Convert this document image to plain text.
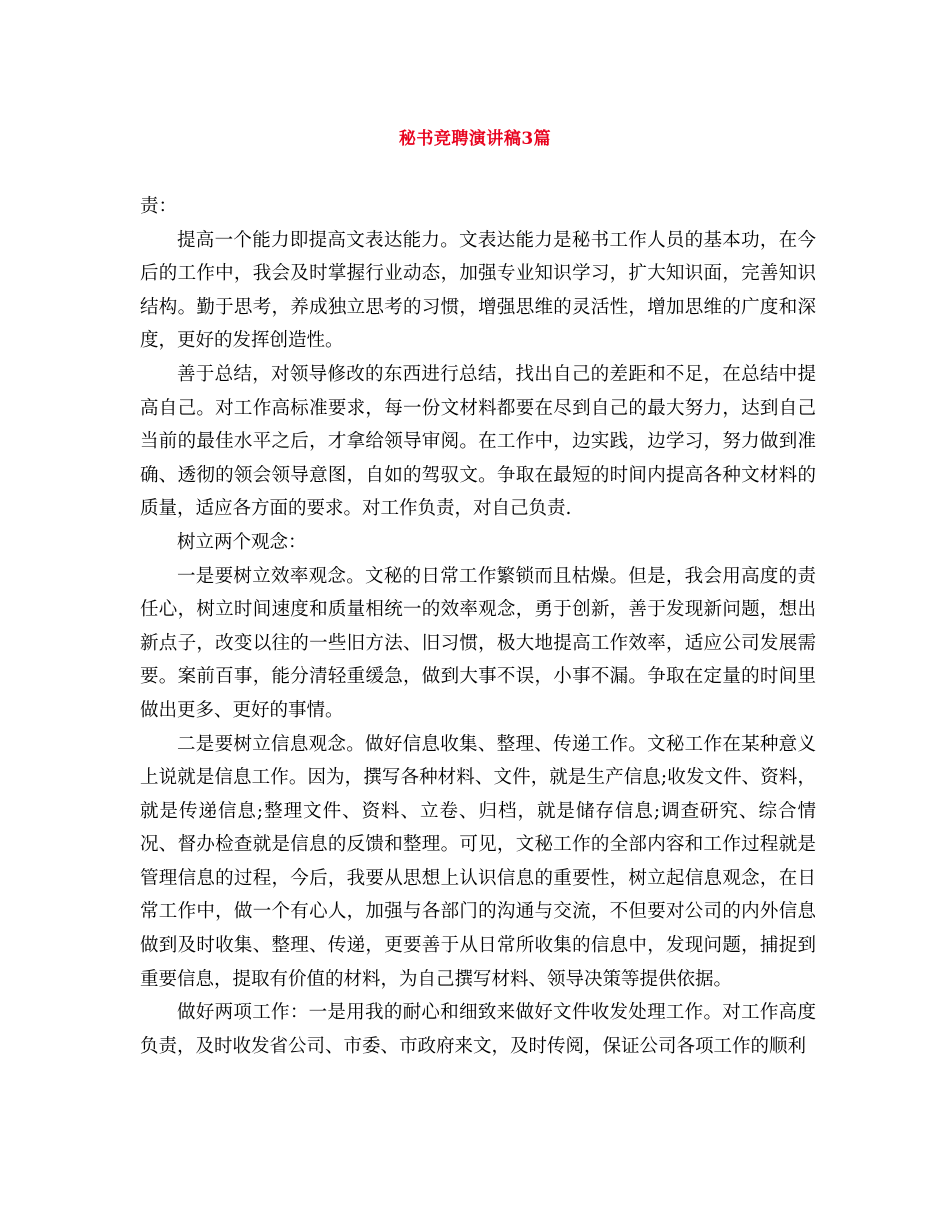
秘书竞聘演讲稿3篇

责：

提高一个能力即提高文表达能力。文表达能力是秘书工作人员的基本功，在今后的工作中，我会及时掌握行业动态，加强专业知识学习，扩大知识面，完善知识结构。勤于思考，养成独立思考的习惯，增强思维的灵活性，增加思维的广度和深度，更好的发挥创造性。

善于总结，对领导修改的东西进行总结，找出自己的差距和不足，在总结中提高自己。对工作高标准要求，每一份文材料都要在尽到自己的最大努力，达到自己当前的最佳水平之后，才拿给领导审阅。在工作中，边实践，边学习，努力做到准确、透彻的领会领导意图，自如的驾驭文。争取在最短的时间内提高各种文材料的质量，适应各方面的要求。对工作负责，对自己负责.

树立两个观念：

一是要树立效率观念。文秘的日常工作繁锁而且枯燥。但是，我会用高度的责任心，树立时间速度和质量相统一的效率观念，勇于创新，善于发现新问题，想出新点子，改变以往的一些旧方法、旧习惯，极大地提高工作效率，适应公司发展需要。案前百事，能分清轻重缓急，做到大事不误，小事不漏。争取在定量的时间里做出更多、更好的事情。

二是要树立信息观念。做好信息收集、整理、传递工作。文秘工作在某种意义上说就是信息工作。因为，撰写各种材料、文件，就是生产信息;收发文件、资料，就是传递信息;整理文件、资料、立卷、归档，就是储存信息;调查研究、综合情况、督办检查就是信息的反馈和整理。可见，文秘工作的全部内容和工作过程就是管理信息的过程，今后，我要从思想上认识信息的重要性，树立起信息观念，在日常工作中，做一个有心人，加强与各部门的沟通与交流，不但要对公司的内外信息做到及时收集、整理、传递，更要善于从日常所收集的信息中，发现问题，捕捉到重要信息，提取有价值的材料，为自己撰写材料、领导决策等提供依据。

做好两项工作：一是用我的耐心和细致来做好文件收发处理工作。对工作高度负责，及时收发省公司、市委、市政府来文，及时传阅，保证公司各项工作的顺利
